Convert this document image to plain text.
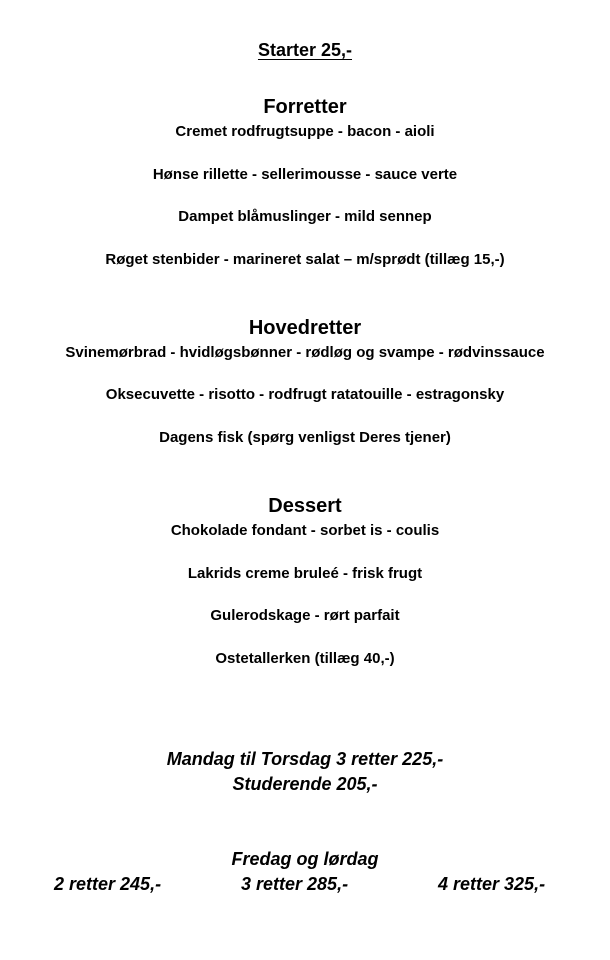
Starter 25,-
Forretter
Cremet rodfrugtsuppe - bacon - aioli
Hønse rillette - sellerimousse - sauce verte
Dampet blåmuslinger - mild sennep
Røget stenbider - marineret salat – m/sprødt (tillæg 15,-)
Hovedretter
Svinemørbrad - hvidløgsbønner - rødløg og svampe - rødvinssauce
Oksecuvette - risotto - rodfrugt ratatouille - estragonsky
Dagens fisk (spørg venligst Deres tjener)
Dessert
Chokolade fondant - sorbet is - coulis
Lakrids creme bruleé - frisk frugt
Gulerodskage - rørt parfait
Ostetallerken (tillæg 40,-)
Mandag til Torsdag 3 retter 225,-
Studerende 205,-
Fredag og lørdag
2 retter 245,-	3 retter 285,-	4 retter 325,-
